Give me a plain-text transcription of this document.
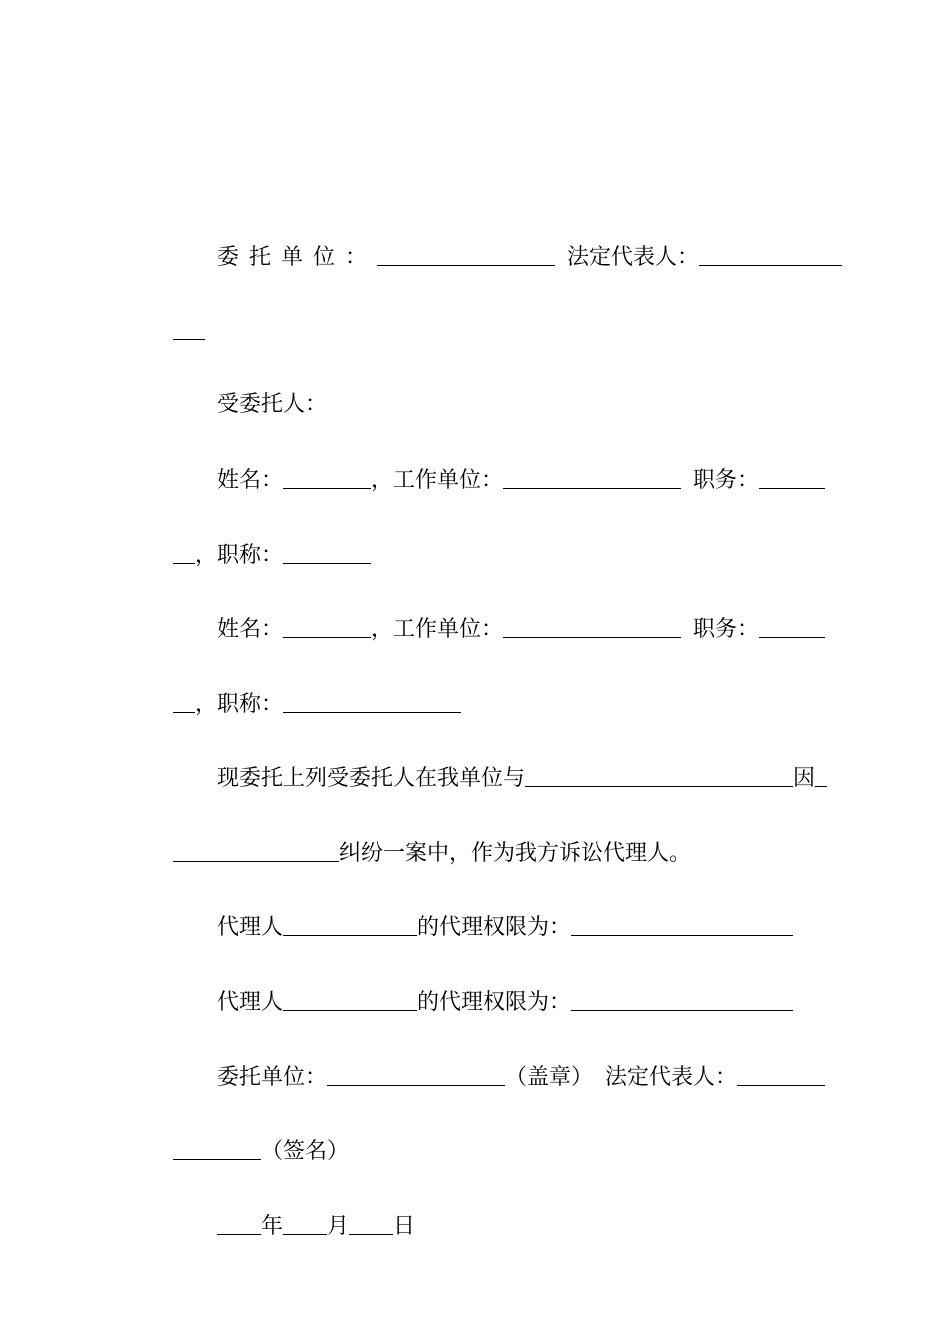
委托单位：	法定代表人：

受委托人：

姓名：	，工作单位：	职务：

，职称：

姓名：	，工作单位：	职务：

，职称：

现委托上列受委托人在我单位与	因

纠纷一案中，作为我方诉讼代理人。

代理人	的代理权限为：

代理人	的代理权限为：

委托单位：	（盖章） 法定代表人：

（签名）

年 月 日
